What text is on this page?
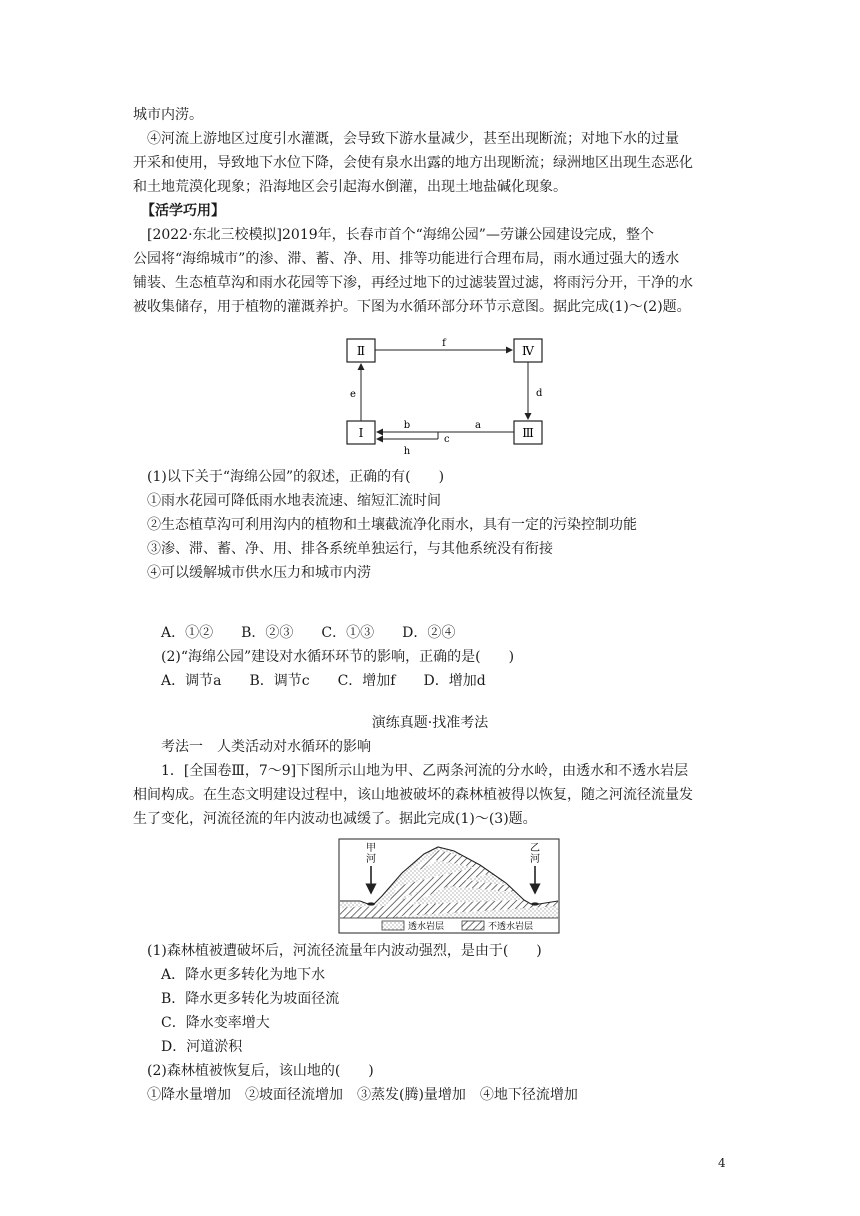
城市内涝。
④河流上游地区过度引水灌溉，会导致下游水量减少，甚至出现断流；对地下水的过量
开采和使用，导致地下水位下降，会使有泉水出露的地方出现断流；绿洲地区出现生态恶化
和土地荒漠化现象；沿海地区会引起海水倒灌，出现土地盐碱化现象。
【活学巧用】
[2022·东北三校模拟]2019年，长春市首个“海绵公园”—劳谦公园建设完成，整个
公园将“海绵城市”的渗、滞、蓄、净、用、排等功能进行合理布局，雨水通过强大的透水
铺装、生态植草沟和雨水花园等下渗，再经过地下的过滤装置过滤，将雨污分开，干净的水
被收集储存，用于植物的灌溉养护。下图为水循环部分环节示意图。据此完成(1)～(2)题。
Ⅱ	Ⅳ
Ⅰ	Ⅲ
f
d
e
b	a
c
h
(1)以下关于“海绵公园”的叙述，正确的有(　　)
①雨水花园可降低雨水地表流速、缩短汇流时间
②生态植草沟可利用沟内的植物和土壤截流净化雨水，具有一定的污染控制功能
③渗、滞、蓄、净、用、排各系统单独运行，与其他系统没有衔接
④可以缓解城市供水压力和城市内涝
A．①②　　B．②③　　C．①③　　D．②④
(2)“海绵公园”建设对水循环环节的影响，正确的是(　　)
A．调节a　　B．调节c　　C．增加f　　D．增加d
演练真题·找准考法
考法一　人类活动对水循环的影响
1．[全国卷Ⅲ，7～9]下图所示山地为甲、乙两条河流的分水岭，由透水和不透水岩层
相间构成。在生态文明建设过程中，该山地被破坏的森林植被得以恢复，随之河流径流量发
生了变化，河流径流的年内波动也减缓了。据此完成(1)～(3)题。
甲
河
乙
河
透水岩层	不透水岩层
(1)森林植被遭破坏后，河流径流量年内波动强烈，是由于(　　)
A．降水更多转化为地下水
B．降水更多转化为坡面径流
C．降水变率增大
D．河道淤积
(2)森林植被恢复后，该山地的(　　)
①降水量增加　②坡面径流增加　③蒸发(腾)量增加　④地下径流增加
4
